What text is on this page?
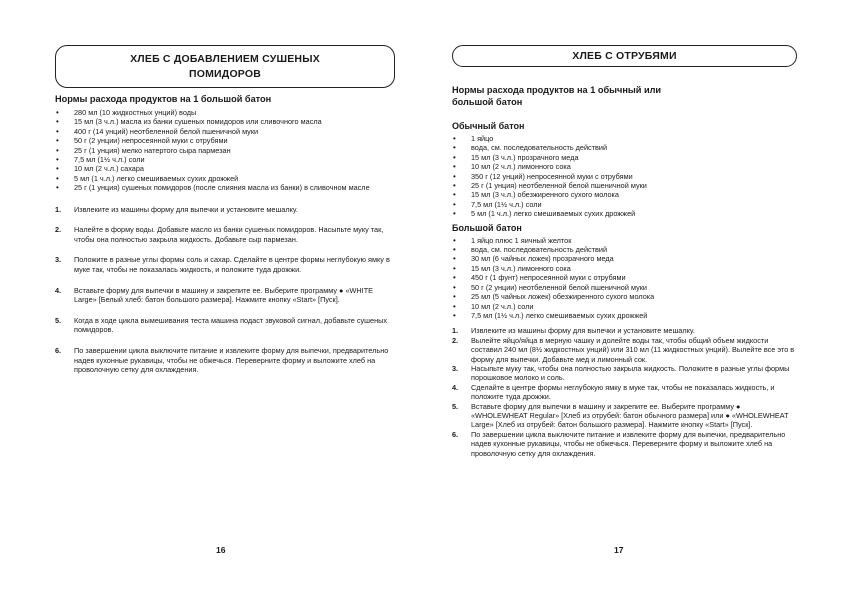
ХЛЕБ С ДОБАВЛЕНИЕМ СУШЕНЫХ
ПОМИДОРОВ
Нормы расхода продуктов на 1 большой батон
• 280 мл (10 жидкостных унций) воды
• 15 мл (3 ч.л.) масла из банки сушеных помидоров или сливочного масла
• 400 г (14 унций) неотбеленной белой пшеничной муки
• 50 г (2 унции) непросеянной муки с отрубями
• 25 г (1 унция) мелко натертого сыра пармезан
• 7,5 мл (1½ ч.л.) соли
• 10 мл (2 ч.л.) сахара
• 5 мл (1 ч.л.) легко смешиваемых сухих дрожжей
• 25 г (1 унция) сушеных помидоров (после слияния масла из банки) в сливочном масле
1. Извлеките из машины форму для выпечки и установите мешалку.
2. Налейте в форму воды. Добавьте масло из банки сушеных помидоров. Насыпьте муку так, чтобы она полностью закрыла жидкость. Добавьте сыр пармезан.
3. Положите в разные углы формы соль и сахар. Сделайте в центре формы неглубокую ямку в муке так, чтобы не показалась жидкость, и положите туда дрожжи.
4. Вставьте форму для выпечки в машину и закрепите ее. Выберите программу ● «WHITE Large» [Белый хлеб: батон большого размера]. Нажмите кнопку «Start» [Пуск].
5. Когда в ходе цикла вымешивания теста машина подаст звуковой сигнал, добавьте сушеных помидоров.
6. По завершении цикла выключите питание и извлеките форму для выпечки, предварительно надев кухонные рукавицы, чтобы не обжечься. Переверните форму и выложите хлеб на проволочную сетку для охлаждения.
16
ХЛЕБ С ОТРУБЯМИ
Нормы расхода продуктов на 1 обычный или
большой батон
Обычный батон
• 1 яйцо
• вода, см. последовательность действий
• 15 мл (3 ч.л.) прозрачного меда
• 10 мл (2 ч.л.) лимонного сока
• 350 г (12 унций) непросеянной муки с отрубями
• 25 г (1 унция) неотбеленной белой пшеничной муки
• 15 мл (3 ч.л.) обезжиренного сухого молока
• 7,5 мл (1½ ч.л.) соли
• 5 мл (1 ч.л.) легко смешиваемых сухих дрожжей
Большой батон
• 1 яйцо плюс 1 яичный желток
• вода, см. последовательность действий
• 30 мл (6 чайных ложек) прозрачного меда
• 15 мл (3 ч.л.) лимонного сока
• 450 г (1 фунт) непросеянной муки с отрубями
• 50 г (2 унции) неотбеленной белой пшеничной муки
• 25 мл (5 чайных ложек) обезжиренного сухого молока
• 10 мл (2 ч.л.) соли
• 7,5 мл (1½ ч.л.) легко смешиваемых сухих дрожжей
1. Извлеките из машины форму для выпечки и установите мешалку.
2. Вылейте яйцо/яйца в мерную чашку и долейте воды так, чтобы общий объем жидкости составил 240 мл (8½ жидкостных унций) или 310 мл (11 жидкостных унций). Вылейте все это в форму для выпечки. Добавьте мед и лимонный сок.
3. Насыпьте муку так, чтобы она полностью закрыла жидкость. Положите в разные углы формы порошковое молоко и соль.
4. Сделайте в центре формы неглубокую ямку в муке так, чтобы не показалась жидкость, и положите туда дрожжи.
5. Вставьте форму для выпечки в машину и закрепите ее. Выберите программу ● «WHOLEWHEAT Regular» [Хлеб из отрубей: батон обычного размера] или ● «WHOLEWHEAT Large» [Хлеб из отрубей: батон большого размера]. Нажмите кнопку «Start» [Пуск].
6. По завершении цикла выключите питание и извлеките форму для выпечки, предварительно надев кухонные рукавицы, чтобы не обжечься. Переверните форму и выложите хлеб на проволочную сетку для охлаждения.
17
